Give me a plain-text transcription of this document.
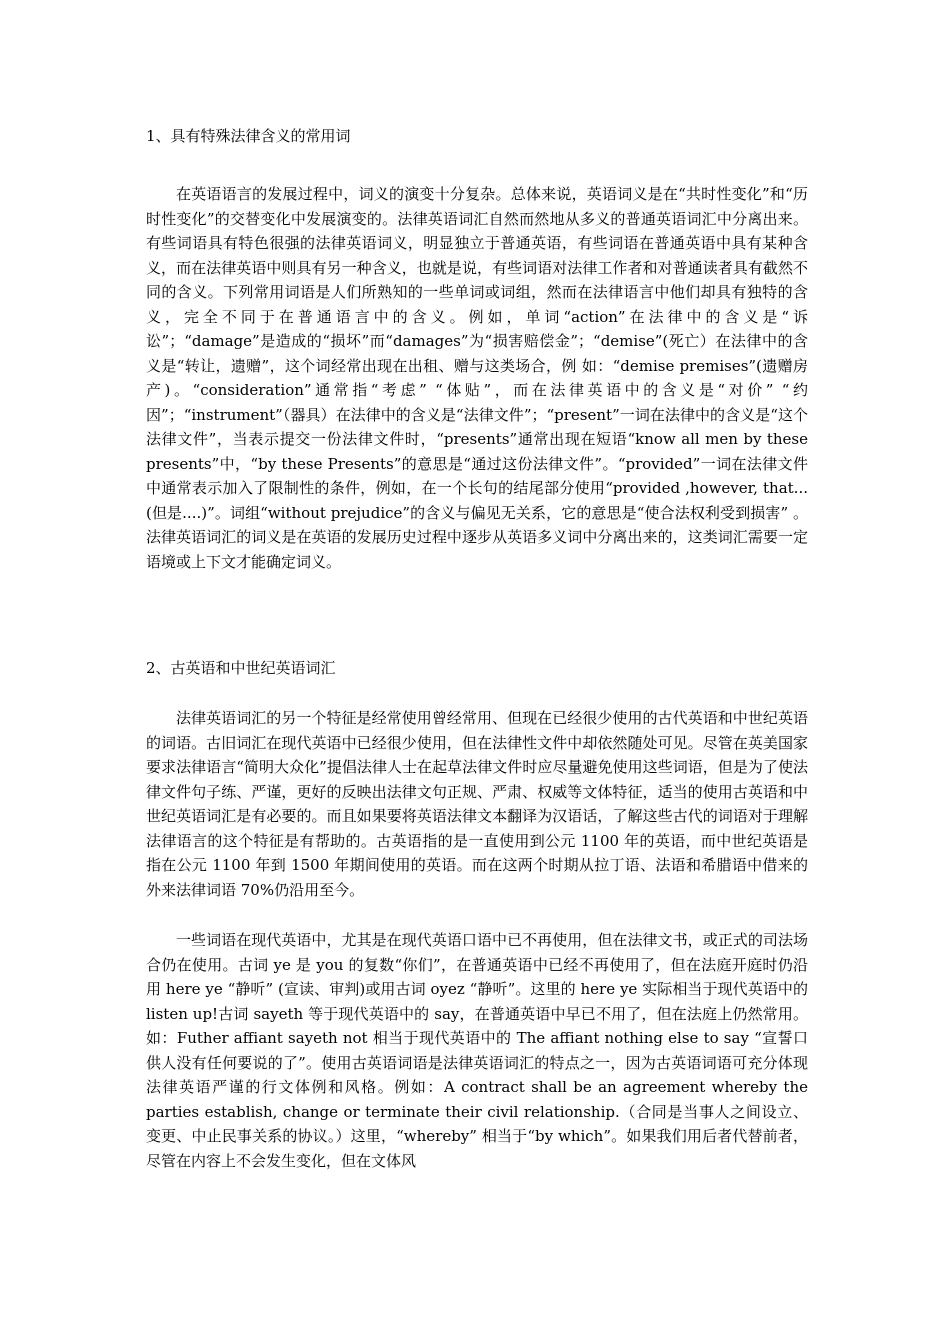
1、具有特殊法律含义的常用词

在英语语言的发展过程中，词义的演变十分复杂。总体来说，英语词义是在“共时性变化”和“历时性变化”的交替变化中发展演变的。法律英语词汇自然而然地从多义的普通英语词汇中分离出来。有些词语具有特色很强的法律英语词义，明显独立于普通英语，有些词语在普通英语中具有某种含义，而在法律英语中则具有另一种含义，也就是说，有些词语对法律工作者和对普通读者具有截然不同的含义。下列常用词语是人们所熟知的一些单词或词组，然而在法律语言中他们却具有独特的含义，完全不同于在普通语言中的含义。例如，单词“action”在法律中的含义是“诉讼”；“damage”是造成的“损坏”而“damages”为“损害赔偿金”；“demise”(死亡）在法律中的含义是“转让，遗赠”，这个词经常出现在出租、赠与这类场合，例 如：“demise premises”(遗赠房产)。“consideration”通常指“考虑” “体贴”，而在法律英语中的含义是“对价” “约因”；“instrument”（器具）在法律中的含义是“法律文件”；“present”一词在法律中的含义是“这个法律文件”，当表示提交一份法律文件时，“presents”通常出现在短语“know all men by these presents”中，“by these Presents”的意思是“通过这份法律文件”。“provided”一词在法律文件中通常表示加入了限制性的条件，例如，在一个长句的结尾部分使用“provided ,however, that...(但是....)”。词组“without prejudice”的含义与偏见无关系，它的意思是“使合法权利受到损害” 。法律英语词汇的词义是在英语的发展历史过程中逐步从英语多义词中分离出来的，这类词汇需要一定语境或上下文才能确定词义。

2、古英语和中世纪英语词汇

法律英语词汇的另一个特征是经常使用曾经常用、但现在已经很少使用的古代英语和中世纪英语的词语。古旧词汇在现代英语中已经很少使用，但在法律性文件中却依然随处可见。尽管在英美国家要求法律语言“简明大众化”提倡法律人士在起草法律文件时应尽量避免使用这些词语，但是为了使法律文件句子练、严谨，更好的反映出法律文句正规、严肃、权威等文体特征，适当的使用古英语和中世纪英语词汇是有必要的。而且如果要将英语法律文本翻译为汉语话，了解这些古代的词语对于理解法律语言的这个特征是有帮助的。古英语指的是一直使用到公元 1100 年的英语，而中世纪英语是指在公元 1100 年到 1500 年期间使用的英语。而在这两个时期从拉丁语、法语和希腊语中借来的外来法律词语 70%仍沿用至今。

一些词语在现代英语中，尤其是在现代英语口语中已不再使用，但在法律文书，或正式的司法场合仍在使用。古词 ye 是 you 的复数“你们”，在普通英语中已经不再使用了，但在法庭开庭时仍沿用 here ye “静听” (宣读、审判)或用古词 oyez “静听”。这里的 here ye 实际相当于现代英语中的 listen up!古词 sayeth 等于现代英语中的 say，在普通英语中早已不用了，但在法庭上仍然常用。如：Futher affiant sayeth not 相当于现代英语中的 The affiant nothing else to say “宣誓口供人没有任何要说的了”。使用古英语词语是法律英语词汇的特点之一，因为古英语词语可充分体现法律英语严谨的行文体例和风格。例如：A contract shall be an agreement whereby the parties establish, change or terminate their civil relationship.（合同是当事人之间设立、变更、中止民事关系的协议。）这里，“whereby” 相当于“by which”。如果我们用后者代替前者，尽管在内容上不会发生变化，但在文体风
